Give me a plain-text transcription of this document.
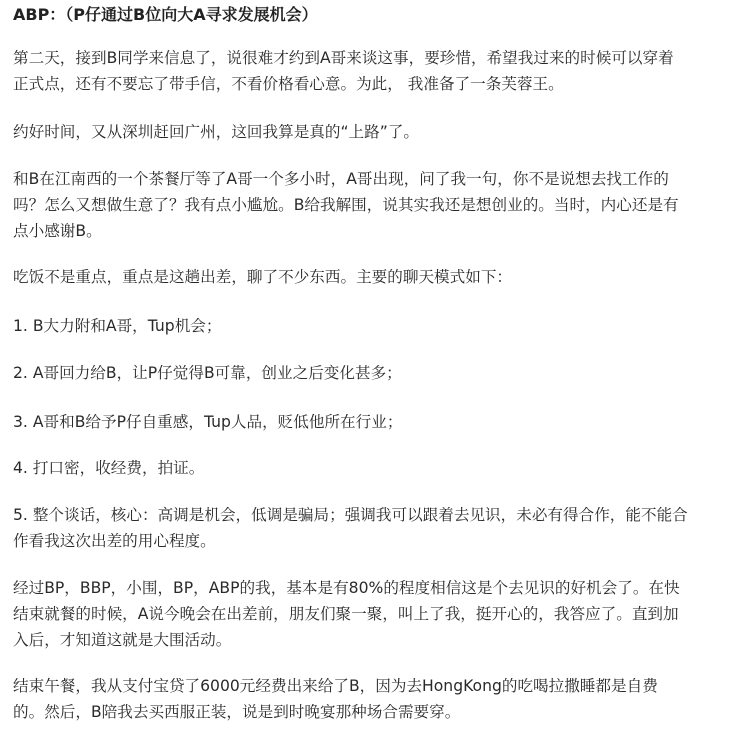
ABP：（P仔通过B位向大A寻求发展机会）
第二天，接到B同学来信息了，说很难才约到A哥来谈这事，要珍惜，希望我过来的时候可以穿着
正式点，还有不要忘了带手信，不看价格看心意。为此， 我准备了一条芙蓉王。
约好时间，又从深圳赶回广州，这回我算是真的“上路”了。
和B在江南西的一个茶餐厅等了A哥一个多小时，A哥出现，问了我一句，你不是说想去找工作的
吗？怎么又想做生意了？我有点小尴尬。B给我解围，说其实我还是想创业的。当时，内心还是有
点小感谢B。
吃饭不是重点，重点是这趟出差，聊了不少东西。主要的聊天模式如下：
1. B大力附和A哥，Tup机会；
2. A哥回力给B，让P仔觉得B可靠，创业之后变化甚多；
3. A哥和B给予P仔自重感，Tup人品，贬低他所在行业；
4. 打口密，收经费，拍证。
5. 整个谈话，核心：高调是机会，低调是骗局；强调我可以跟着去见识，未必有得合作，能不能合
作看我这次出差的用心程度。
经过BP，BBP，小围，BP，ABP的我，基本是有80%的程度相信这是个去见识的好机会了。在快
结束就餐的时候，A说今晚会在出差前，朋友们聚一聚，叫上了我，挺开心的，我答应了。直到加
入后，才知道这就是大围活动。
结束午餐，我从支付宝贷了6000元经费出来给了B，因为去HongKong的吃喝拉撒睡都是自费
的。然后，B陪我去买西服正装，说是到时晚宴那种场合需要穿。
